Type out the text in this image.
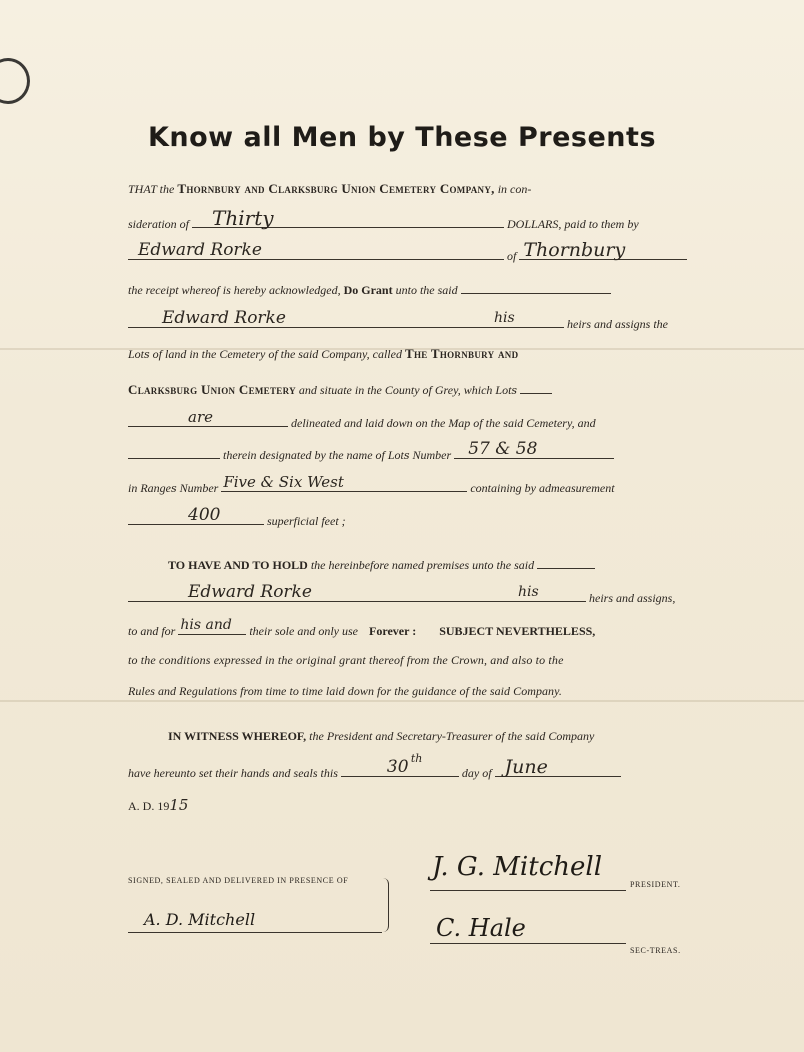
Know all Men by These Presents
THAT the Thornbury and Clarksburg Union Cemetery Company, in con-
sideration of Thirty	DOLLARS, paid to them by
Edward Rorke	of Thornbury
the receipt whereof is hereby acknowledged, Do Grant unto the said
Edward Rorke	his	heirs and assigns the
Lots of land in the Cemetery of the said Company, called The Thornbury and
Clarksburg Union Cemetery and situate in the County of Grey, which Lots
are	delineated and laid down on the Map of the said Cemetery, and
therein designated by the name of Lots Number 57 & 58
in Ranges Number Five & Six West	containing by admeasurement
400	superficial feet ;
TO HAVE AND TO HOLD the hereinbefore named premises unto the said
Edward Rorke	his	heirs and assigns,
to and for his and their sole and only use Forever : SUBJECT NEVERTHELESS,
to the conditions expressed in the original grant thereof from the Crown, and also to the
Rules and Regulations from time to time laid down for the guidance of the said Company.
IN WITNESS WHEREOF, the President and Secretary-Treasurer of the said Company
have hereunto set their hands and seals this	30 th
day of June
A. D. 1915
SIGNED, SEALED AND DELIVERED IN PRESENCE OF
A. D. Mitchell
J. G. Mitchell
PRESIDENT.
C. Hale
SEC-TREAS.
